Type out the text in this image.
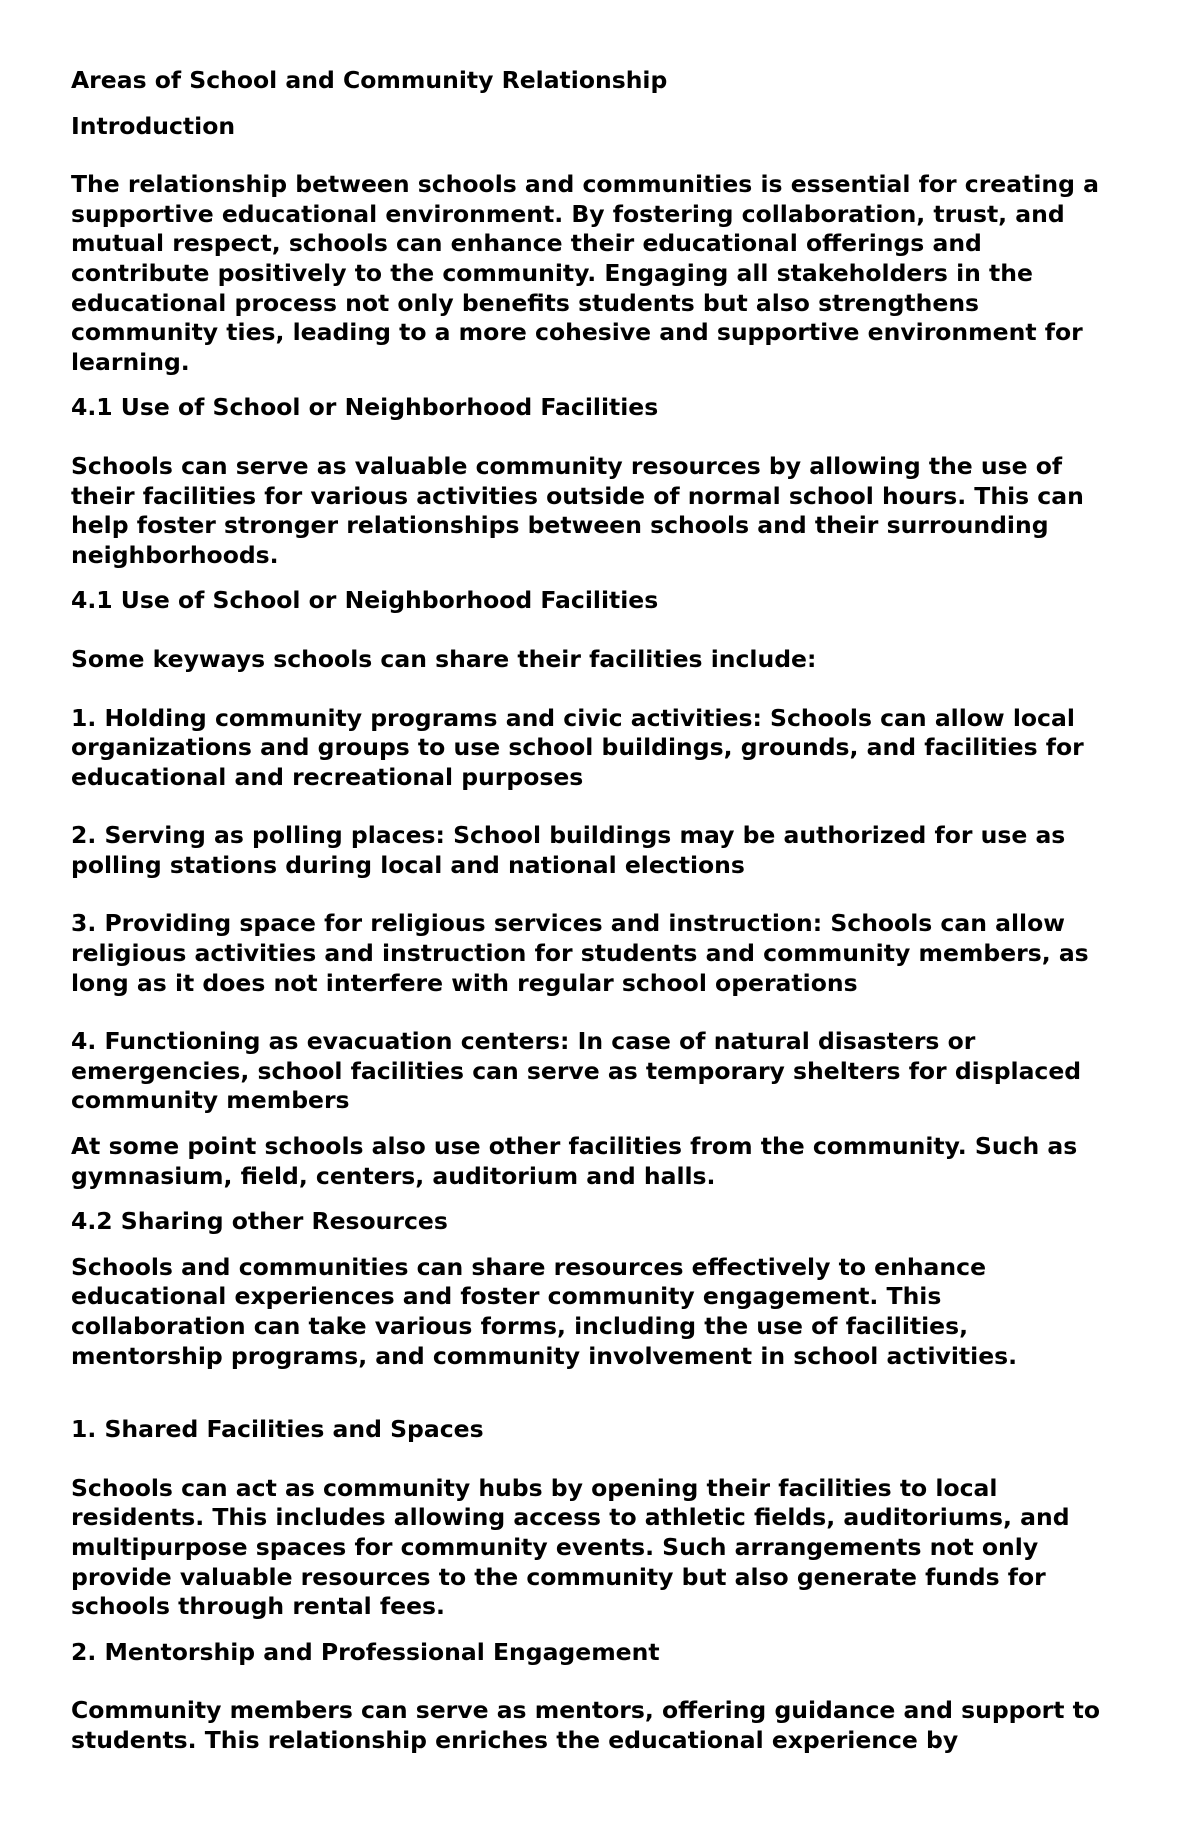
Areas of School and Community Relationship

Introduction

The relationship between schools and communities is essential for creating a
supportive educational environment. By fostering collaboration, trust, and
mutual respect, schools can enhance their educational offerings and
contribute positively to the community. Engaging all stakeholders in the
educational process not only benefits students but also strengthens
community ties, leading to a more cohesive and supportive environment for
learning.

4.1 Use of School or Neighborhood Facilities

Schools can serve as valuable community resources by allowing the use of
their facilities for various activities outside of normal school hours. This can
help foster stronger relationships between schools and their surrounding
neighborhoods.

4.1 Use of School or Neighborhood Facilities

Some keyways schools can share their facilities include:

1. Holding community programs and civic activities: Schools can allow local
organizations and groups to use school buildings, grounds, and facilities for
educational and recreational purposes

2. Serving as polling places: School buildings may be authorized for use as
polling stations during local and national elections

3. Providing space for religious services and instruction: Schools can allow
religious activities and instruction for students and community members, as
long as it does not interfere with regular school operations

4. Functioning as evacuation centers: In case of natural disasters or
emergencies, school facilities can serve as temporary shelters for displaced
community members

At some point schools also use other facilities from the community. Such as
gymnasium, field, centers, auditorium and halls.

4.2 Sharing other Resources

Schools and communities can share resources effectively to enhance
educational experiences and foster community engagement. This
collaboration can take various forms, including the use of facilities,
mentorship programs, and community involvement in school activities.

1. Shared Facilities and Spaces

Schools can act as community hubs by opening their facilities to local
residents. This includes allowing access to athletic fields, auditoriums, and
multipurpose spaces for community events. Such arrangements not only
provide valuable resources to the community but also generate funds for
schools through rental fees.

2. Mentorship and Professional Engagement

Community members can serve as mentors, offering guidance and support to
students. This relationship enriches the educational experience by
